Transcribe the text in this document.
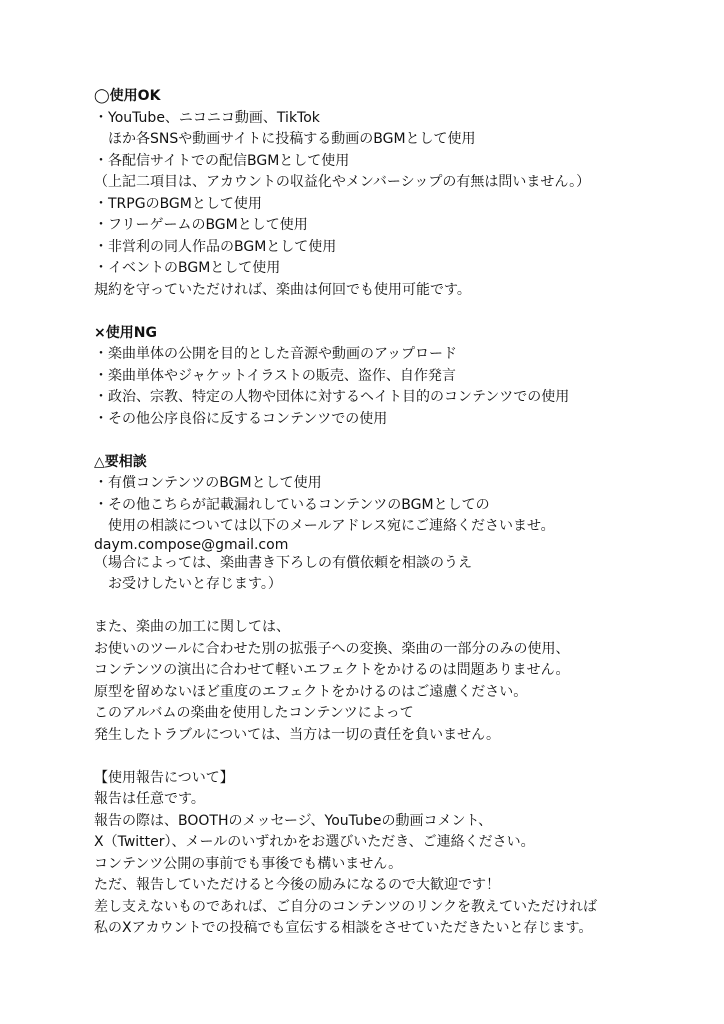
◯使用OK
・YouTube、ニコニコ動画、TikTok
　ほか各SNSや動画サイトに投稿する動画のBGMとして使用
・各配信サイトでの配信BGMとして使用
（上記二項目は、アカウントの収益化やメンバーシップの有無は問いません。）
・TRPGのBGMとして使用
・フリーゲームのBGMとして使用
・非営利の同人作品のBGMとして使用
・イベントのBGMとして使用
規約を守っていただければ、楽曲は何回でも使用可能です。
×使用NG
・楽曲単体の公開を目的とした音源や動画のアップロード
・楽曲単体やジャケットイラストの販売、盗作、自作発言
・政治、宗教、特定の人物や団体に対するヘイト目的のコンテンツでの使用
・その他公序良俗に反するコンテンツでの使用
△要相談
・有償コンテンツのBGMとして使用
・その他こちらが記載漏れしているコンテンツのBGMとしての
　使用の相談については以下のメールアドレス宛にご連絡くださいませ。
daym.compose@gmail.com
（場合によっては、楽曲書き下ろしの有償依頼を相談のうえ
　お受けしたいと存じます。）
また、楽曲の加工に関しては、
お使いのツールに合わせた別の拡張子への変換、楽曲の一部分のみの使用、
コンテンツの演出に合わせて軽いエフェクトをかけるのは問題ありません。
原型を留めないほど重度のエフェクトをかけるのはご遠慮ください。
このアルバムの楽曲を使用したコンテンツによって
発生したトラブルについては、当方は一切の責任を負いません。
【使用報告について】
報告は任意です。
報告の際は、BOOTHのメッセージ、YouTubeの動画コメント、
X（Twitter）、メールのいずれかをお選びいただき、ご連絡ください。
コンテンツ公開の事前でも事後でも構いません。
ただ、報告していただけると今後の励みになるので大歓迎です！
差し支えないものであれば、ご自分のコンテンツのリンクを教えていただければ
私のXアカウントでの投稿でも宣伝する相談をさせていただきたいと存じます。
